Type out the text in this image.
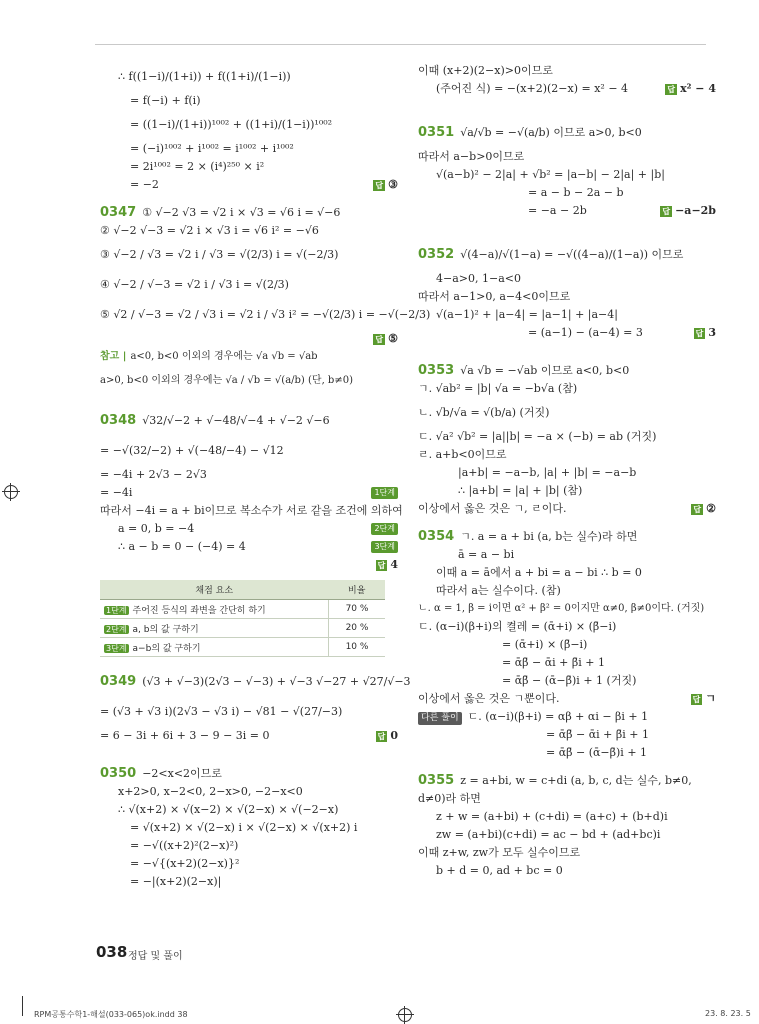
∴ f((1−i)/(1+i)) + f((1+i)/(1−i))
= f(−i) + f(i)
= ((1−i)/(1+i))¹⁰⁰² + ((1+i)/(1−i))¹⁰⁰²
= (−i)¹⁰⁰² + i¹⁰⁰² = i¹⁰⁰² + i¹⁰⁰²
= 2i¹⁰⁰² = 2 × (i⁴)²⁵⁰ × i²
= −2	답 ③
0347 ① √−2 √3 = √2 i × √3 = √6 i = √−6
② √−2 √−3 = √2 i × √3 i = √6 i² = −√6
③ √−2 / √3 = √2 i / √3 = √(2/3) i = √(−2/3)
④ √−2 / √−3 = √2 i / √3 i = √(2/3)
⑤ √2 / √−3 = √2 / √3 i = √2 i / √3 i² = −√(2/3) i = −√(−2/3)
답 ⑤
참고 | a<0, b<0 이외의 경우에는 √a √b = √ab
a>0, b<0 이외의 경우에는 √a / √b = √(a/b) (단, b≠0)
0348 √32/√−2 + √−48/√−4 + √−2 √−6
= −√(32/−2) + √(−48/−4) − √12
= −4i + 2√3 − 2√3
= −4i	1단계
따라서 −4i = a + bi이므로 복소수가 서로 같을 조건에 의하여
a = 0, b = −4	2단계
∴ a − b = 0 − (−4) = 4	3단계
답 4
채점 요소	비율
1단계 주어진 등식의 좌변을 간단히 하기	70 %
2단계 a, b의 값 구하기	20 %
3단계 a−b의 값 구하기	10 %
0349 (√3 + √−3)(2√3 − √−3) + √−3 √−27 + √27/√−3
= (√3 + √3 i)(2√3 − √3 i) − √81 − √(27/−3)
= 6 − 3i + 6i + 3 − 9 − 3i = 0	답 0
0350 −2<x<2이므로
x+2>0, x−2<0, 2−x>0, −2−x<0
∴ √(x+2) × √(x−2) × √(2−x) × √(−2−x)
= √(x+2) × √(2−x) i × √(2−x) × √(x+2) i
= −√((x+2)²(2−x)²)
= −√{(x+2)(2−x)}²
= −|(x+2)(2−x)|
이때 (x+2)(2−x)>0이므로
(주어진 식) = −(x+2)(2−x) = x² − 4	답 x² − 4
0351 √a/√b = −√(a/b) 이므로 a>0, b<0
따라서 a−b>0이므로
√(a−b)² − 2|a| + √b² = |a−b| − 2|a| + |b|
= a − b − 2a − b
= −a − 2b	답 −a−2b
0352 √(4−a)/√(1−a) = −√((4−a)/(1−a)) 이므로
4−a>0, 1−a<0
따라서 a−1>0, a−4<0이므로
√(a−1)² + |a−4| = |a−1| + |a−4|
= (a−1) − (a−4) = 3	답 3
0353 √a √b = −√ab 이므로 a<0, b<0
ㄱ. √ab² = |b| √a = −b√a (참)
ㄴ. √b/√a = √(b/a) (거짓)
ㄷ. √a² √b² = |a||b| = −a × (−b) = ab (거짓)
ㄹ. a+b<0이므로
|a+b| = −a−b, |a| + |b| = −a−b
∴ |a+b| = |a| + |b| (참)
이상에서 옳은 것은 ㄱ, ㄹ이다.	답 ②
0354 ㄱ. a = a + bi (a, b는 실수)라 하면
ā = a − bi
이때 a = ā에서 a + bi = a − bi ∴ b = 0
따라서 a는 실수이다. (참)
ㄴ. α = 1, β = i이면 α² + β² = 0이지만 α≠0, β≠0이다. (거짓)
ㄷ. (α−i)(β+i)의 켤레 = (ᾱ+i) × (β̄−i)
= (ᾱ+i) × (β̄−i)
= ᾱβ̄ − ᾱi + β̄i + 1
= ᾱβ̄ − (ᾱ−β̄)i + 1 (거짓)
이상에서 옳은 것은 ㄱ뿐이다.	답 ㄱ
다른 풀이 ㄷ. (α−i)(β+i) = αβ + αi − βi + 1
= ᾱβ̄ − ᾱi + β̄i + 1
= ᾱβ̄ − (ᾱ−β̄)i + 1
0355 z = a+bi, w = c+di (a, b, c, d는 실수, b≠0,
d≠0)라 하면
z + w = (a+bi) + (c+di) = (a+c) + (b+d)i
zw = (a+bi)(c+di) = ac − bd + (ad+bc)i
이때 z+w, zw가 모두 실수이므로
b + d = 0, ad + bc = 0
038 정답 및 풀이
RPM공통수학1-해설(033-065)ok.indd 38	23. 8. 23. 5
